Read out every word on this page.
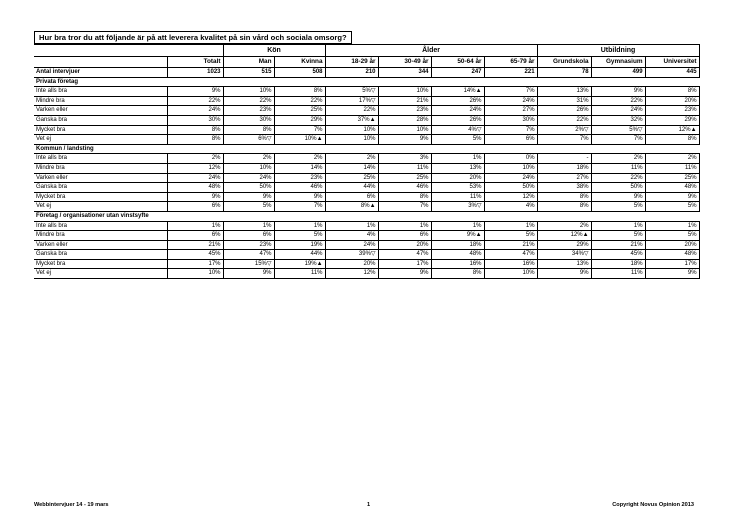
Hur bra tror du att följande är på att leverera kvalitet på sin vård och sociala omsorg?
		Kön		Ålder				Utbildning		
	Totalt	Man	Kvinna	18-29 år	30-49 år	50-64 år	65-79 år	Grundskola	Gymnasium	Universitet
Antal intervjuer	1023	515	508	210	344	247	221	78	499	445
Privata företag										
Inte alls bra	9%	10%	8%	5%▽	10%	14%▲	7%	13%	9%	8%
Mindre bra	22%	22%	22%	17%▽	21%	26%	24%	31%	22%	20%
Varken eller	24%	23%	25%	22%	23%	24%	27%	26%	24%	23%
Ganska bra	30%	30%	29%	37%▲	28%	26%	30%	22%	32%	29%
Mycket bra	8%	8%	7%	10%	10%	4%▽	7%	2%▽	5%▽	12%▲
Vet ej	8%	6%▽	10%▲	10%	9%	5%	6%	7%	7%	8%
Kommun / landsting										
Inte alls bra	2%	2%	2%	2%	3%	1%	0%	-	2%	2%
Mindre bra	12%	10%	14%	14%	11%	13%	10%	18%	11%	11%
Varken eller	24%	24%	23%	25%	25%	20%	24%	27%	22%	25%
Ganska bra	48%	50%	46%	44%	46%	53%	50%	38%	50%	48%
Mycket bra	9%	9%	9%	6%	8%	11%	12%	8%	9%	9%
Vet ej	6%	5%	7%	8%▲	7%	3%▽	4%	8%	5%	5%
Företag / organisationer utan vinstsyfte										
Inte alls bra	1%	1%	1%	1%	1%	1%	1%	2%	1%	1%
Mindre bra	6%	6%	5%	4%	6%	9%▲	5%	12%▲	5%	5%
Varken eller	21%	23%	19%	24%	20%	18%	21%	29%	21%	20%
Ganska bra	45%	47%	44%	39%▽	47%	48%	47%	34%▽	45%	48%
Mycket bra	17%	15%▽	19%▲	20%	17%	16%	16%	13%	18%	17%
Vet ej	10%	9%	11%	12%	9%	8%	10%	9%	11%	9%
Webbintervjuer 14 - 19 mars	1	Copyright Novus Opinion 2013
